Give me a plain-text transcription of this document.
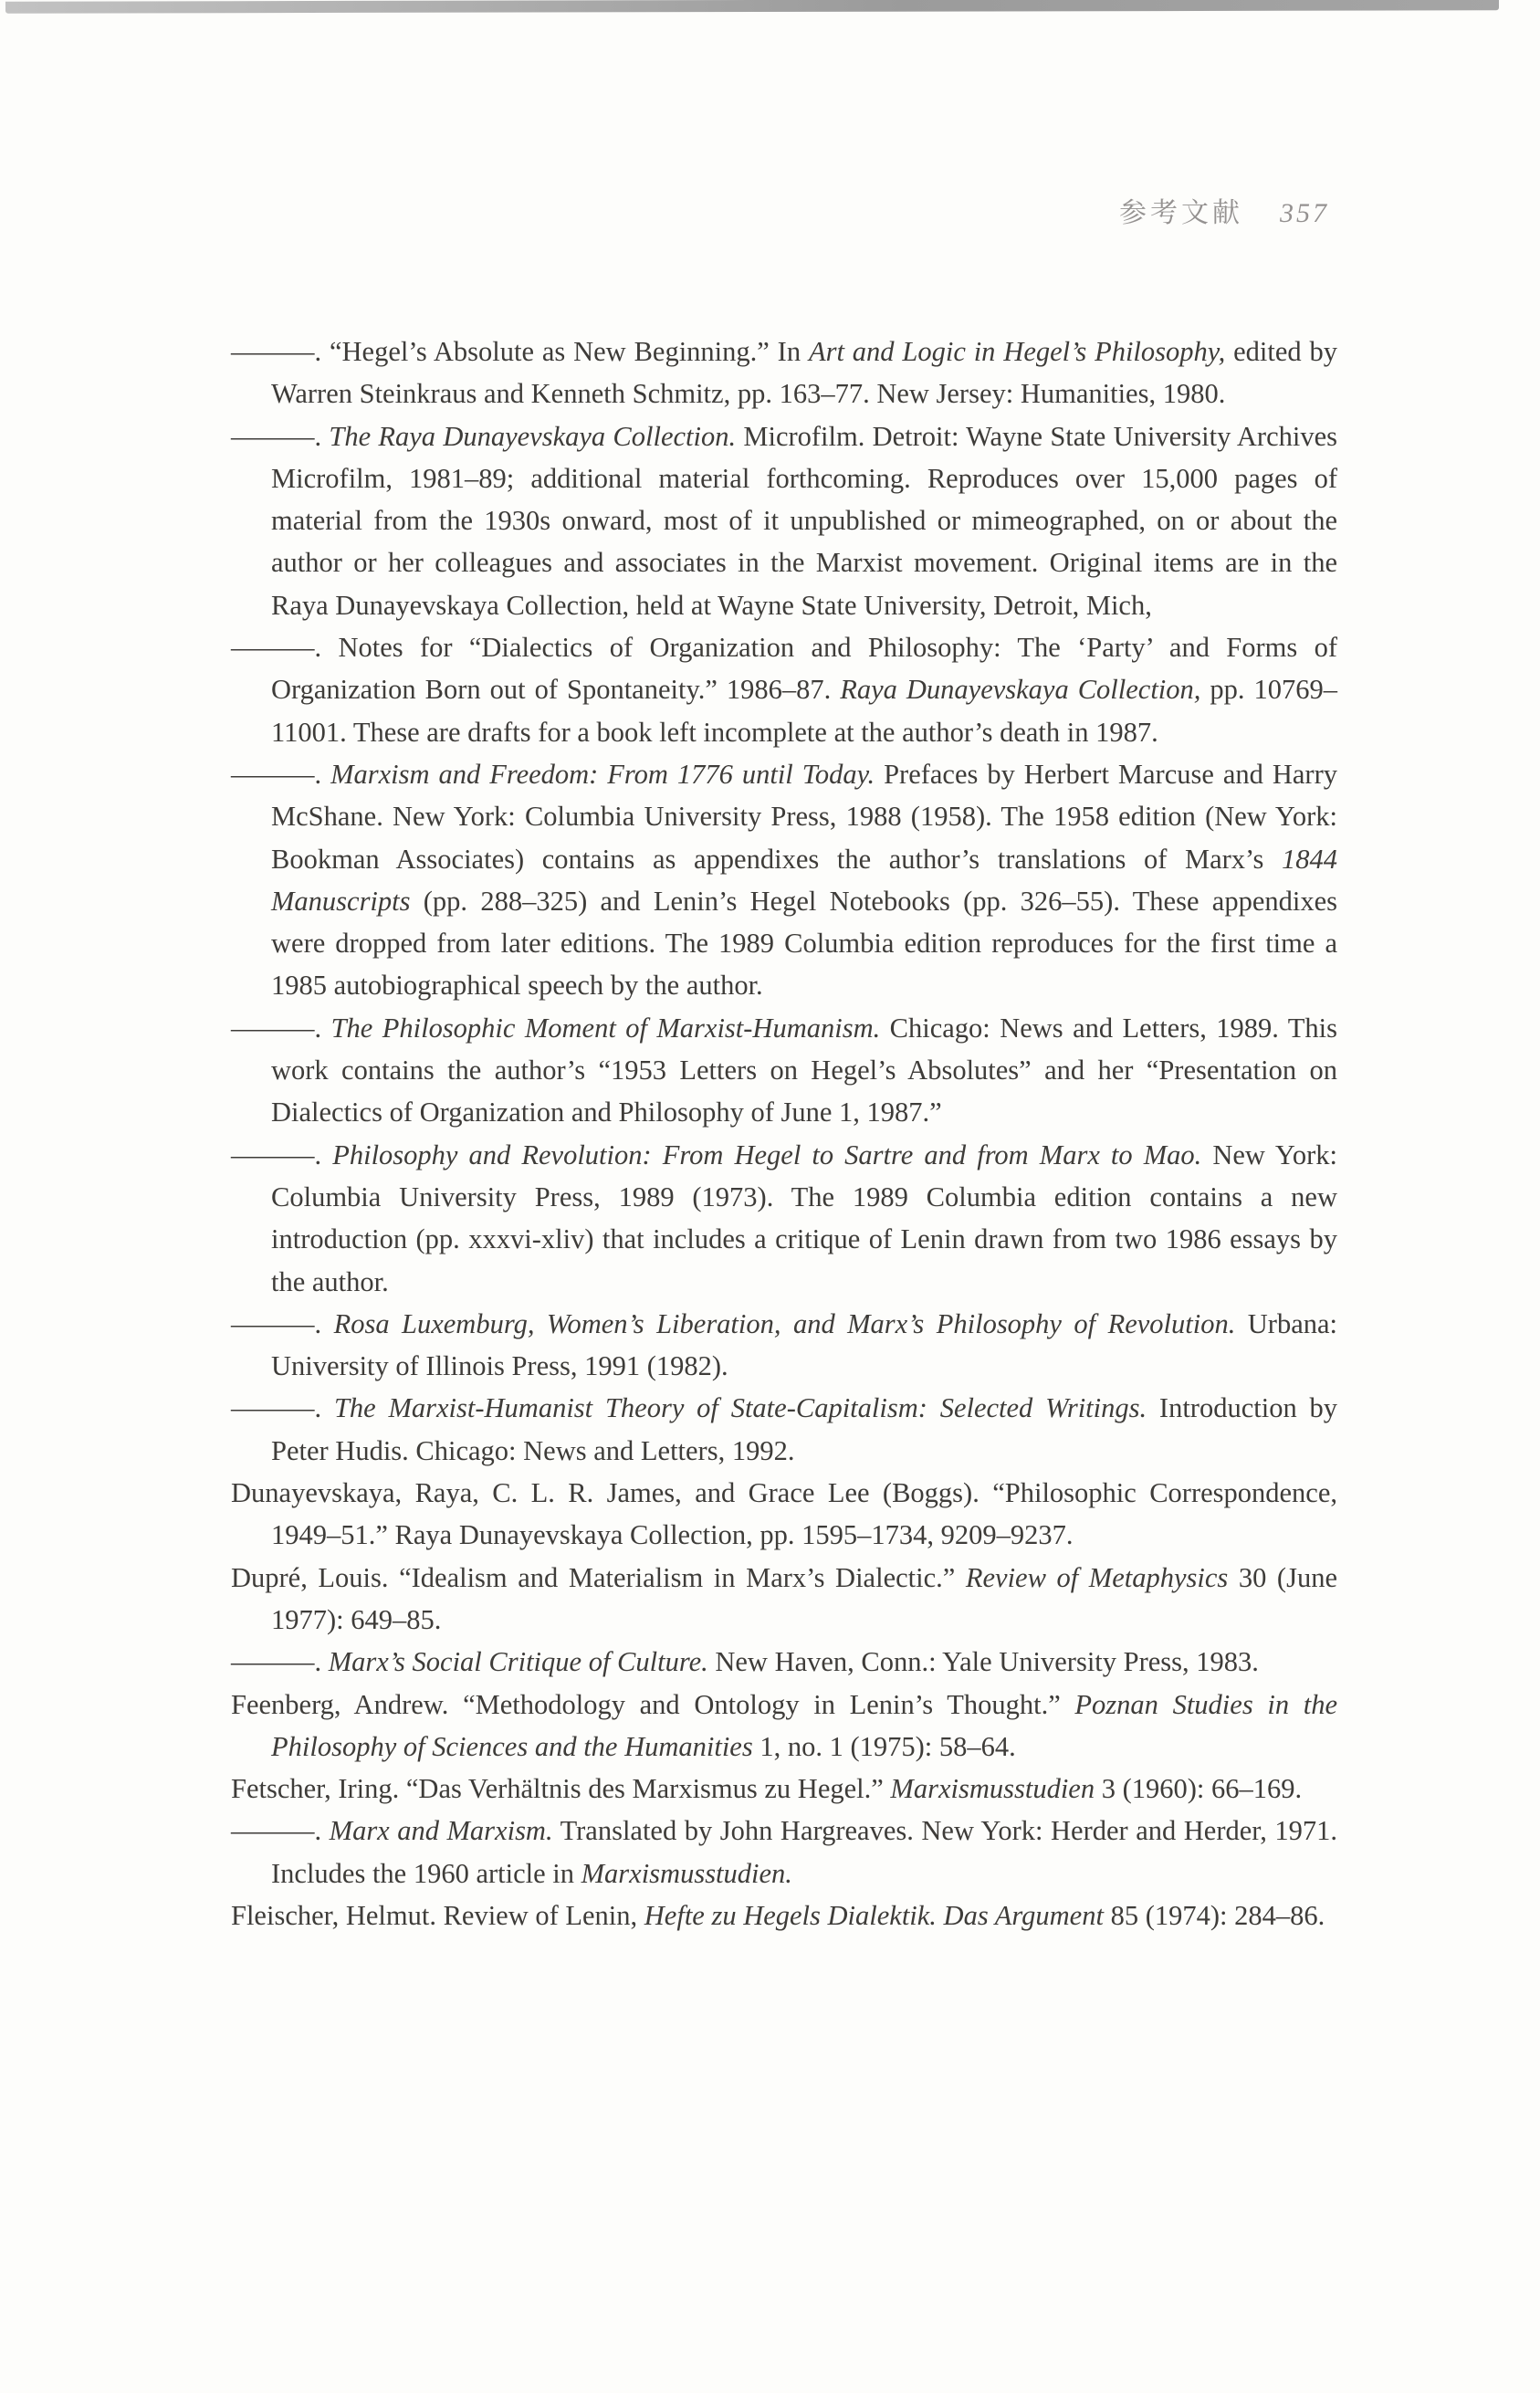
参考文献 357

———. “Hegel’s Absolute as New Beginning.” In Art and Logic in Hegel’s Philosophy, edited by Warren Steinkraus and Kenneth Schmitz, pp. 163–77. New Jersey: Humanities, 1980.

———. The Raya Dunayevskaya Collection. Microfilm. Detroit: Wayne State University Archives Microfilm, 1981–89; additional material forthcoming. Reproduces over 15,000 pages of material from the 1930s onward, most of it unpublished or mimeographed, on or about the author or her colleagues and associates in the Marxist movement. Original items are in the Raya Dunayevskaya Collection, held at Wayne State University, Detroit, Mich,

———. Notes for “Dialectics of Organization and Philosophy: The ‘Party’ and Forms of Organization Born out of Spontaneity.” 1986–87. Raya Dunayevskaya Collection, pp. 10769–11001. These are drafts for a book left incomplete at the author’s death in 1987.

———. Marxism and Freedom: From 1776 until Today. Prefaces by Herbert Marcuse and Harry McShane. New York: Columbia University Press, 1988 (1958). The 1958 edition (New York: Bookman Associates) contains as appendixes the author’s translations of Marx’s 1844 Manuscripts (pp. 288–325) and Lenin’s Hegel Notebooks (pp. 326–55). These appendixes were dropped from later editions. The 1989 Columbia edition reproduces for the first time a 1985 autobiographical speech by the author.

———. The Philosophic Moment of Marxist-Humanism. Chicago: News and Letters, 1989. This work contains the author’s “1953 Letters on Hegel’s Absolutes” and her “Presentation on Dialectics of Organization and Philosophy of June 1, 1987.”

———. Philosophy and Revolution: From Hegel to Sartre and from Marx to Mao. New York: Columbia University Press, 1989 (1973). The 1989 Columbia edition contains a new introduction (pp. xxxvi-xliv) that includes a critique of Lenin drawn from two 1986 essays by the author.

———. Rosa Luxemburg, Women’s Liberation, and Marx’s Philosophy of Revolution. Urbana: University of Illinois Press, 1991 (1982).

———. The Marxist-Humanist Theory of State-Capitalism: Selected Writings. Introduction by Peter Hudis. Chicago: News and Letters, 1992.

Dunayevskaya, Raya, C. L. R. James, and Grace Lee (Boggs). “Philosophic Correspondence, 1949–51.” Raya Dunayevskaya Collection, pp. 1595–1734, 9209–9237.

Dupré, Louis. “Idealism and Materialism in Marx’s Dialectic.” Review of Metaphysics 30 (June 1977): 649–85.

———. Marx’s Social Critique of Culture. New Haven, Conn.: Yale University Press, 1983.

Feenberg, Andrew. “Methodology and Ontology in Lenin’s Thought.” Poznan Studies in the Philosophy of Sciences and the Humanities 1, no. 1 (1975): 58–64.

Fetscher, Iring. “Das Verhältnis des Marxismus zu Hegel.” Marxismusstudien 3 (1960): 66–169.

———. Marx and Marxism. Translated by John Hargreaves. New York: Herder and Herder, 1971. Includes the 1960 article in Marxismusstudien.

Fleischer, Helmut. Review of Lenin, Hefte zu Hegels Dialektik. Das Argument 85 (1974): 284–86.
